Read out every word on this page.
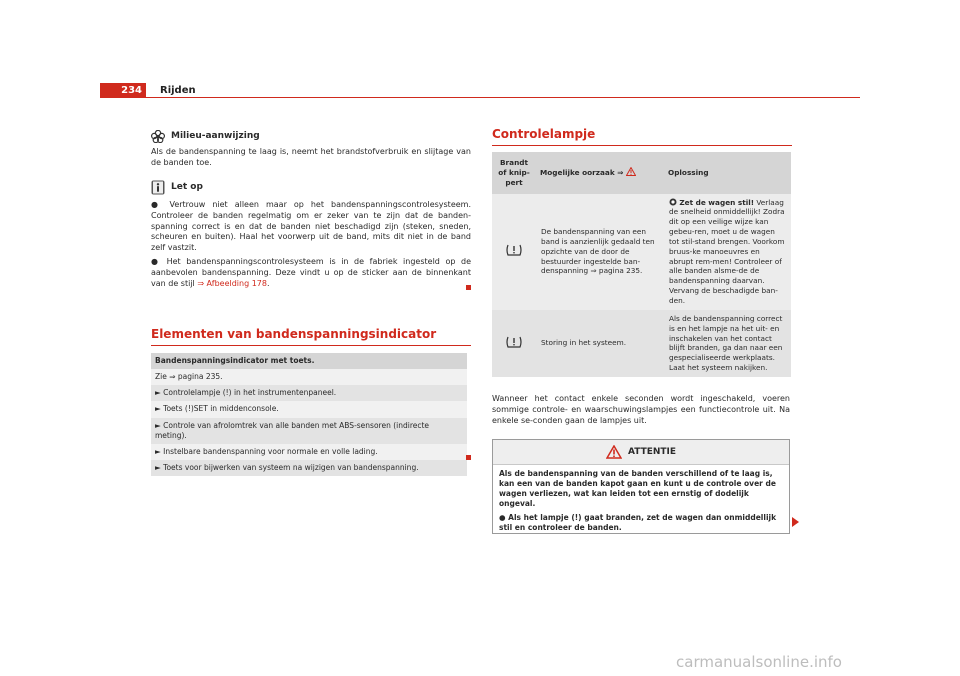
234	Rijden
Milieu-aanwijzing

Als de bandenspanning te laag is, neemt het brandstofverbruik en slijtage van de banden toe.

Let op

● Vertrouw niet alleen maar op het bandenspanningscontrolesysteem. Controleer de banden regelmatig om er zeker van te zijn dat de banden-spanning correct is en dat de banden niet beschadigd zijn (steken, sneden, scheuren en buiten). Haal het voorwerp uit de band, mits dit niet in de band zelf vastzit.

● Het bandenspanningscontrolesysteem is in de fabriek ingesteld op de aanbevolen bandenspanning. Deze vindt u op de sticker aan de binnenkant van de stijl ⇒ Afbeelding 178.

Elementen van bandenspanningsindicator
Bandenspanningsindicator met toets.
Zie ⇒ pagina 235.
► Controlelampje (!) in het instrumentenpaneel.
► Toets (!)SET in middenconsole.
► Controle van afrolomtrek van alle banden met ABS-sensoren (indirecte meting).
► Instelbare bandenspanning voor normale en volle lading.
► Toets voor bijwerken van systeem na wijzigen van bandenspanning.
Controlelampje
Brandt of knip-pert	Mogelijke oorzaak ⇒	Oplossing
	De bandenspanning van een band is aanzienlijk gedaald ten opzichte van de door de bestuurder ingestelde ban-denspanning ⇒ pagina 235.	Zet de wagen stil! Verlaag de snelheid onmiddellijk! Zodra dit op een veilige wijze kan gebeu-ren, moet u de wagen tot stil-stand brengen. Voorkom bruus-ke manoeuvres en abrupt rem-men! Controleer of alle banden alsme-de de bandenspanning daarvan. Vervang de beschadigde ban-den.
	Storing in het systeem.	Als de bandenspanning correct is en het lampje na het uit- en inschakelen van het contact blijft branden, ga dan naar een gespecialiseerde werkplaats. Laat het systeem nakijken.

Wanneer het contact enkele seconden wordt ingeschakeld, voeren sommige controle- en waarschuwingslampjes een functiecontrole uit. Na enkele se-conden gaan de lampjes uit.

ATTENTIE
Als de bandenspanning van de banden verschillend of te laag is, kan een van de banden kapot gaan en kunt u de controle over de wagen verliezen, wat kan leiden tot een ernstig of dodelijk ongeval.
● Als het lampje (!) gaat branden, zet de wagen dan onmiddellijk stil en controleer de banden.
carmanualsonline.info
